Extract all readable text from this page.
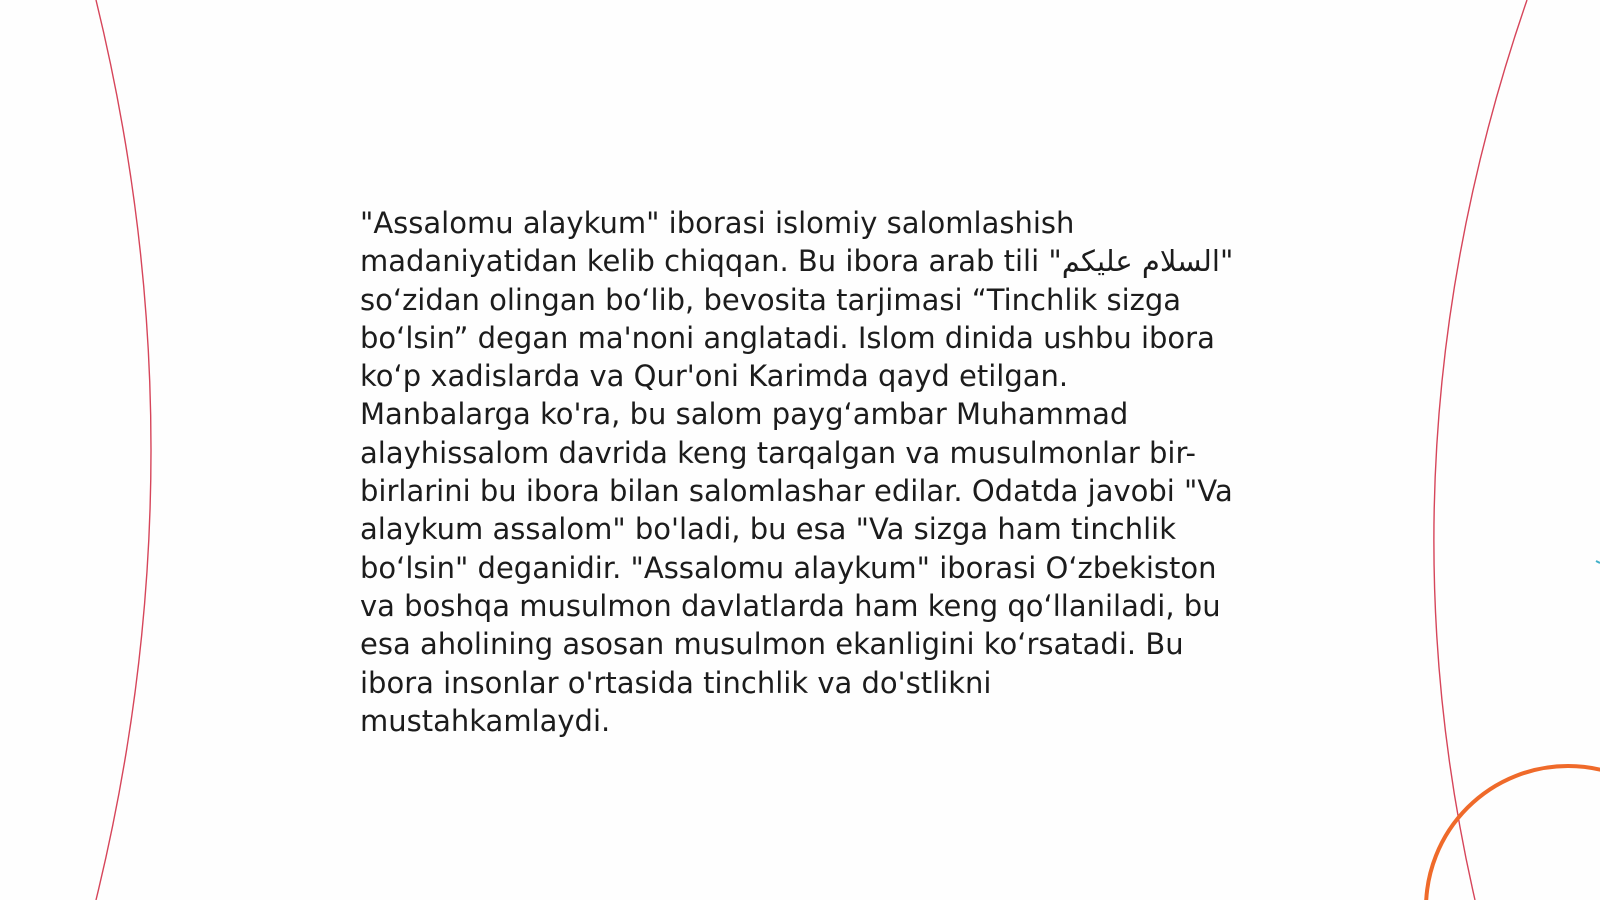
"Assalomu alaykum" iborasi islomiy salomlashish madaniyatidan kelib chiqqan. Bu ibora arab tili "السلام عليكم" so‘zidan olingan bo‘lib, bevosita tarjimasi “Tinchlik sizga bo‘lsin” degan ma'noni anglatadi. Islom dinida ushbu ibora ko‘p xadislarda va Qur'oni Karimda qayd etilgan. Manbalarga ko'ra, bu salom payg‘ambar Muhammad alayhissalom davrida keng tarqalgan va musulmonlar bir-birlarini bu ibora bilan salomlashar edilar. Odatda javobi "Va alaykum assalom" bo'ladi, bu esa "Va sizga ham tinchlik bo‘lsin" deganidir. "Assalomu alaykum" iborasi O‘zbekiston va boshqa musulmon davlatlarda ham keng qo‘llaniladi, bu esa aholining asosan musulmon ekanligini ko‘rsatadi. Bu ibora insonlar o'rtasida tinchlik va do'stlikni mustahkamlaydi.
